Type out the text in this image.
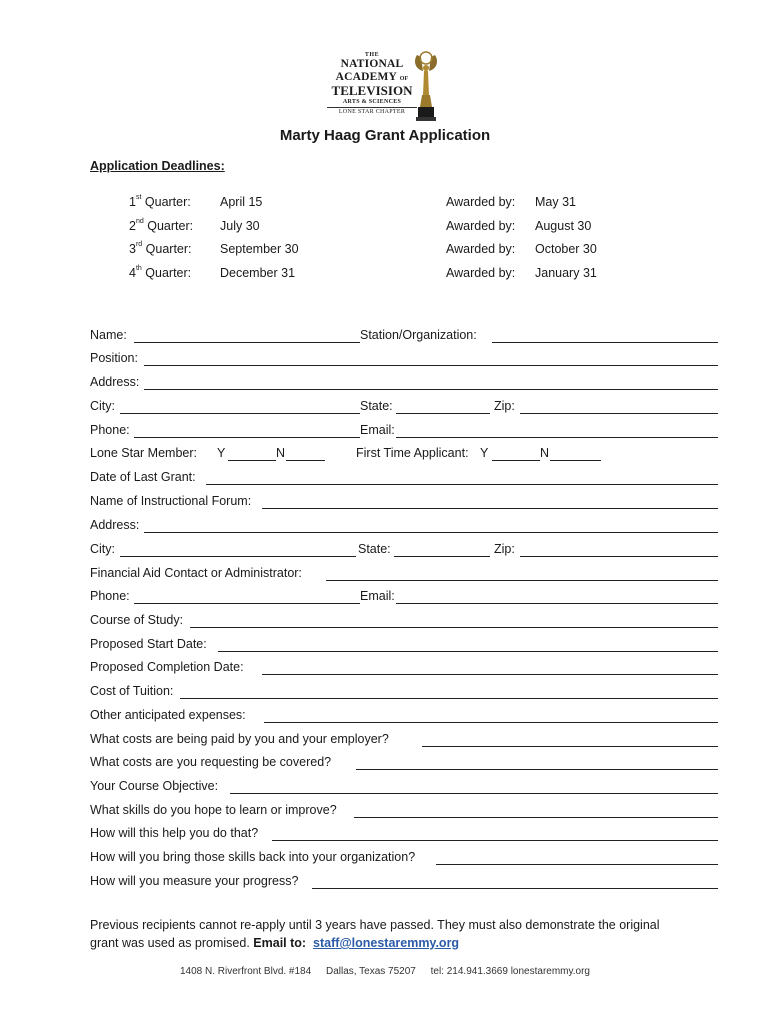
THE
NATIONAL
ACADEMY OF
TELEVISION
ARTS & SCIENCES
LONE STAR CHAPTER
Marty Haag Grant Application
Application Deadlines:
1st Quarter: April 15	Awarded by: May 31
2nd Quarter: July 30	Awarded by: August 30
3rd Quarter: September 30	Awarded by: October 30
4th Quarter: December 31	Awarded by: January 31
Name:	Station/Organization:
Position:
Address:
City:	State:	Zip:
Phone:	Email:
Lone Star Member: Y	N	First Time Applicant: Y	N
Date of Last Grant:
Name of Instructional Forum:
Address:
City:	State:	Zip:
Financial Aid Contact or Administrator:
Phone:	Email:
Course of Study:
Proposed Start Date:
Proposed Completion Date:
Cost of Tuition:
Other anticipated expenses:
What costs are being paid by you and your employer?
What costs are you requesting be covered?
Your Course Objective:
What skills do you hope to learn or improve?
How will this help you do that?
How will you bring those skills back into your organization?
How will you measure your progress?
Previous recipients cannot re-apply until 3 years have passed. They must also demonstrate the original grant was used as promised. Email to: staff@lonestaremmy.org
1408 N. Riverfront Blvd. #184 Dallas, Texas 75207 tel: 214.941.3669 lonestaremmy.org
